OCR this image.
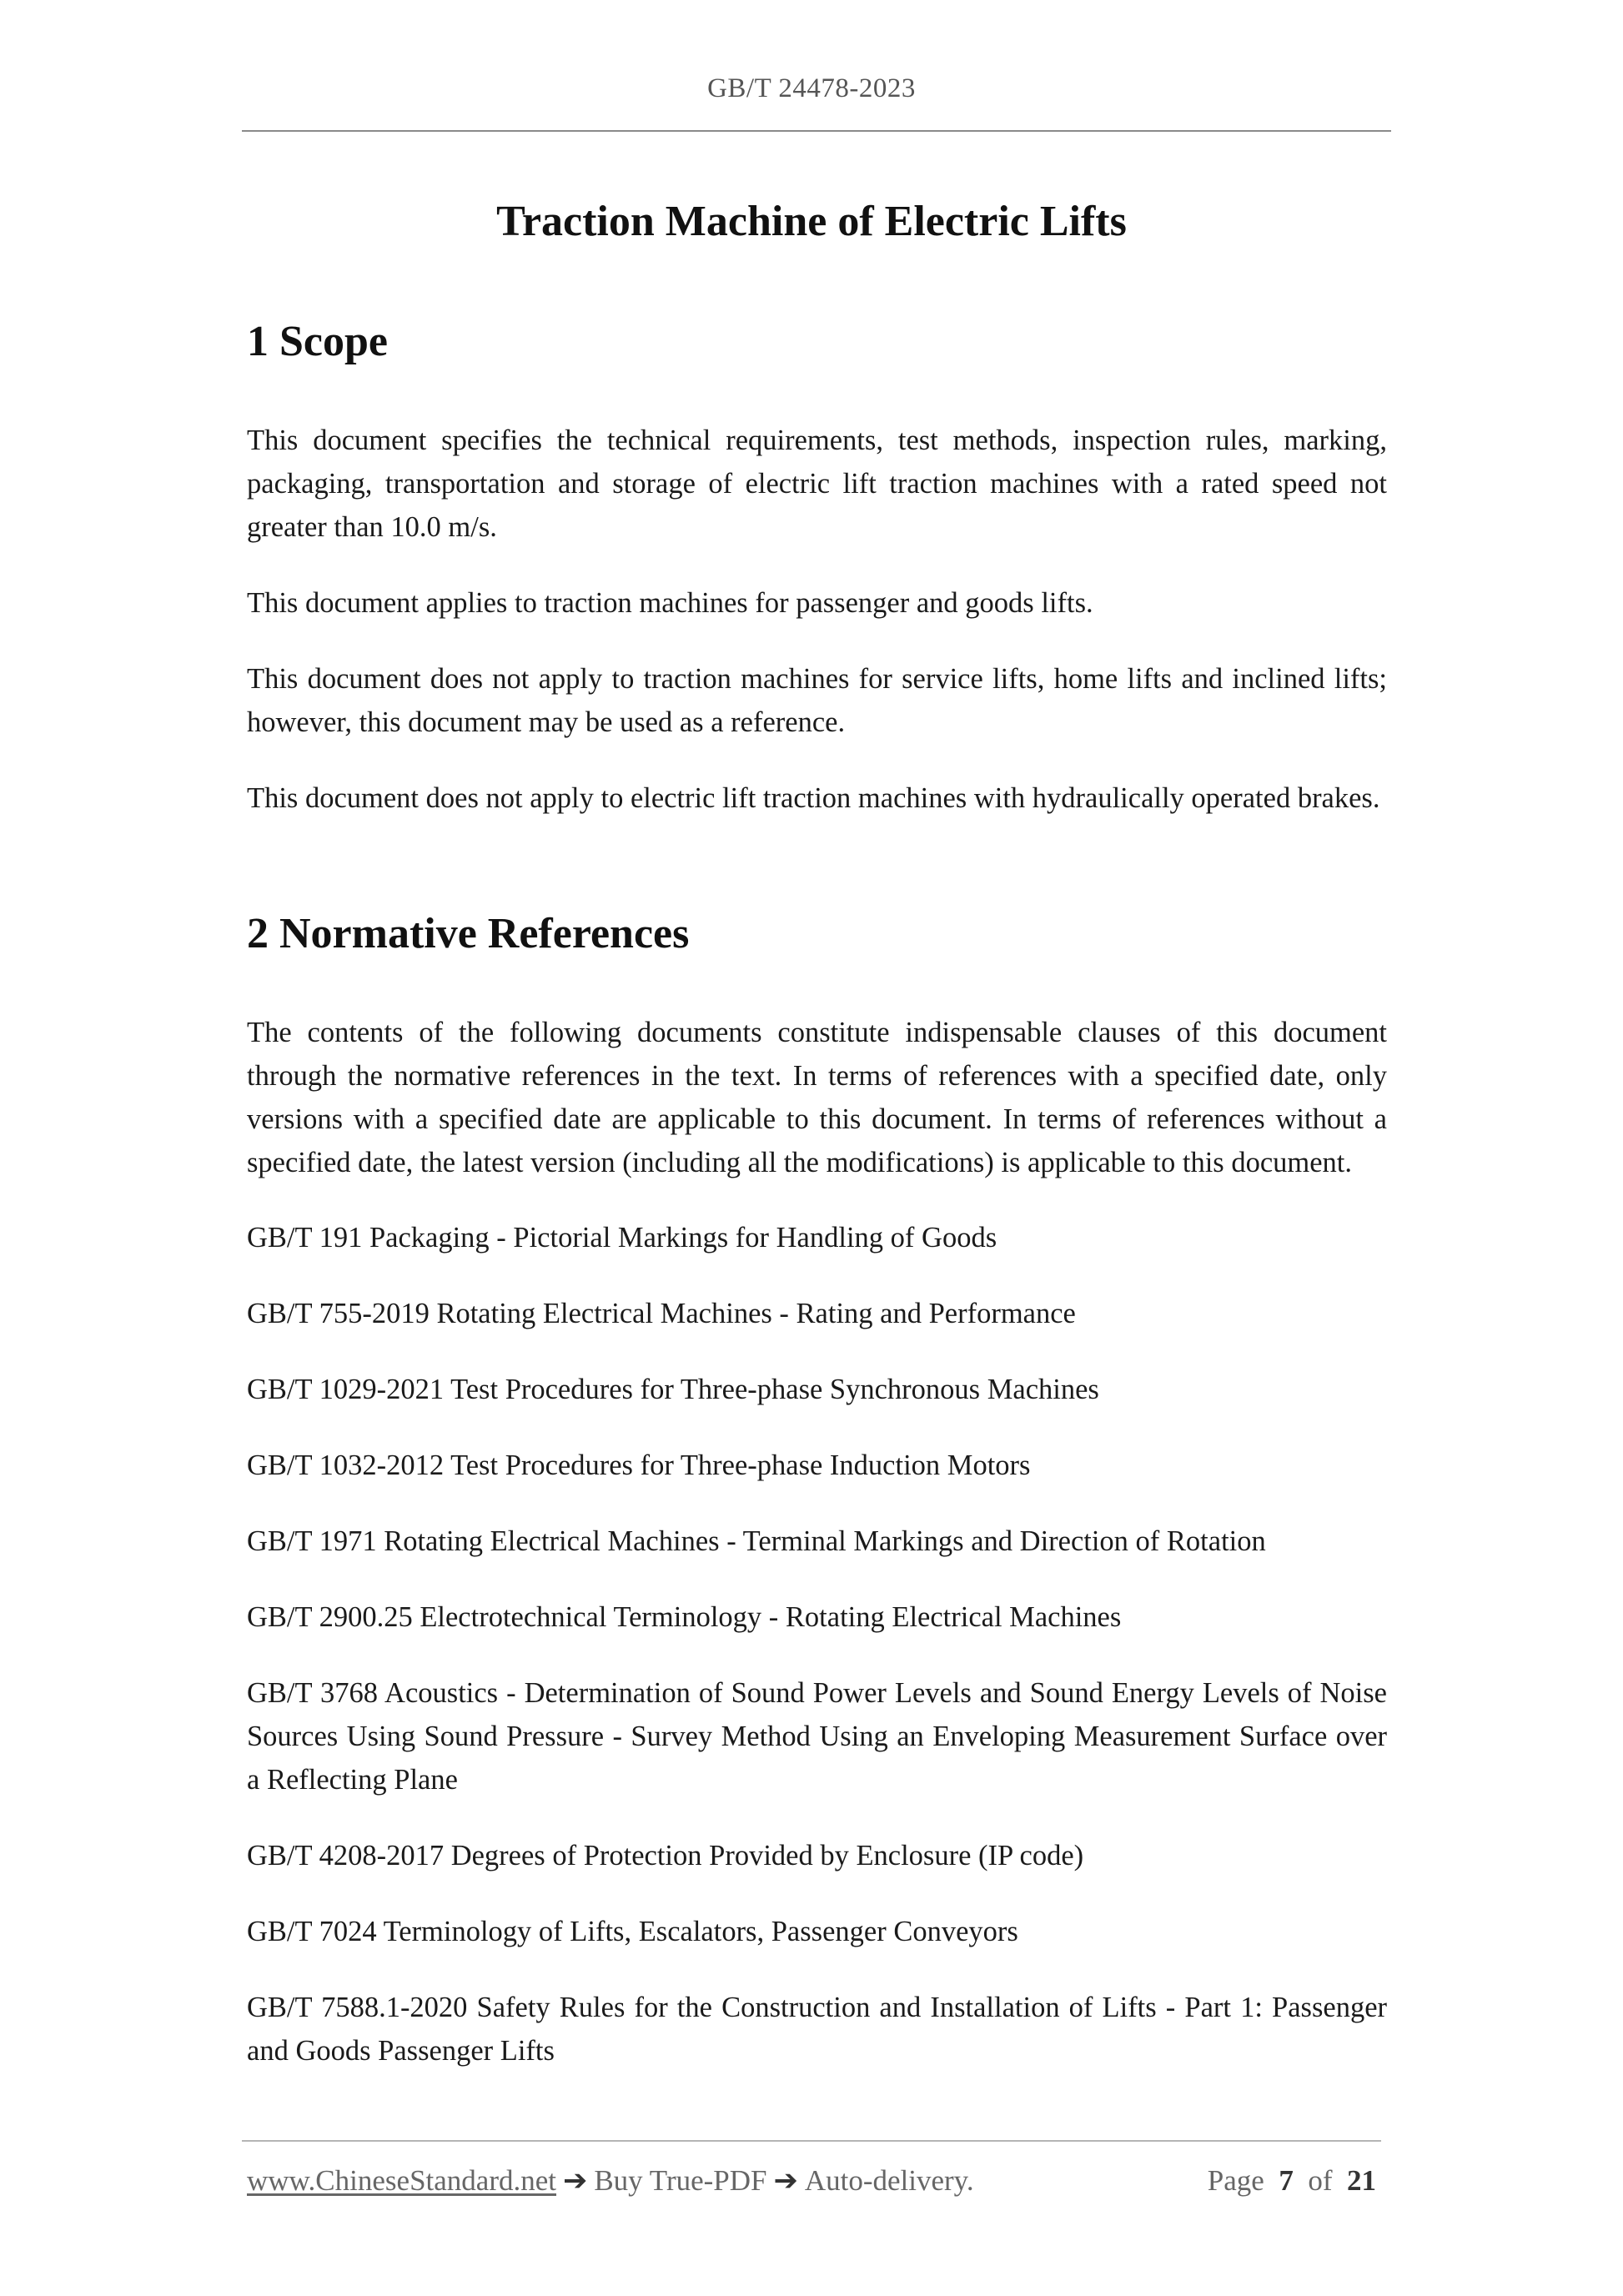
GB/T 24478-2023
Traction Machine of Electric Lifts
1 Scope

This document specifies the technical requirements, test methods, inspection rules, marking, packaging, transportation and storage of electric lift traction machines with a rated speed not greater than 10.0 m/s.

This document applies to traction machines for passenger and goods lifts.

This document does not apply to traction machines for service lifts, home lifts and inclined lifts; however, this document may be used as a reference.

This document does not apply to electric lift traction machines with hydraulically operated brakes.

2 Normative References

The contents of the following documents constitute indispensable clauses of this document through the normative references in the text. In terms of references with a specified date, only versions with a specified date are applicable to this document. In terms of references without a specified date, the latest version (including all the modifications) is applicable to this document.

GB/T 191 Packaging - Pictorial Markings for Handling of Goods

GB/T 755-2019 Rotating Electrical Machines - Rating and Performance

GB/T 1029-2021 Test Procedures for Three-phase Synchronous Machines

GB/T 1032-2012 Test Procedures for Three-phase Induction Motors

GB/T 1971 Rotating Electrical Machines - Terminal Markings and Direction of Rotation

GB/T 2900.25 Electrotechnical Terminology - Rotating Electrical Machines

GB/T 3768 Acoustics - Determination of Sound Power Levels and Sound Energy Levels of Noise Sources Using Sound Pressure - Survey Method Using an Enveloping Measurement Surface over a Reflecting Plane

GB/T 4208-2017 Degrees of Protection Provided by Enclosure (IP code)

GB/T 7024 Terminology of Lifts, Escalators, Passenger Conveyors

GB/T 7588.1-2020 Safety Rules for the Construction and Installation of Lifts - Part 1: Passenger and Goods Passenger Lifts

www.ChineseStandard.net ➔ Buy True-PDF ➔ Auto-delivery.	Page 7 of 21
